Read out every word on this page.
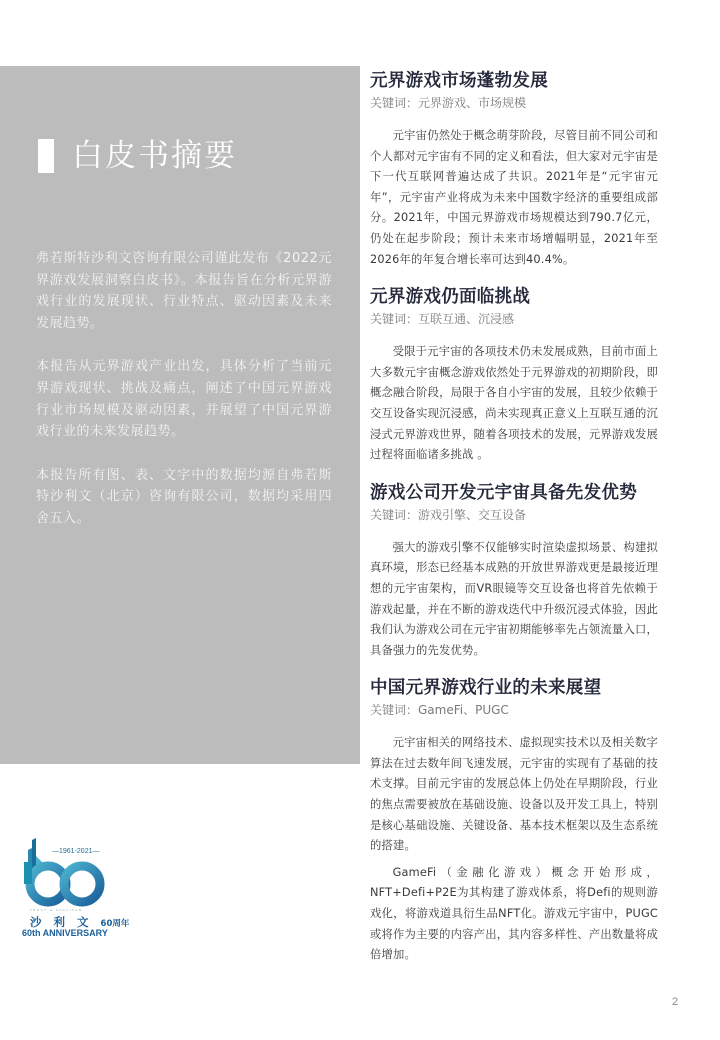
白皮书摘要

弗若斯特沙利文咨询有限公司谨此发布《2022元界游戏发展洞察白皮书》。本报告旨在分析元界游戏行业的发展现状、行业特点、驱动因素及未来发展趋势。

本报告从元界游戏产业出发，具体分析了当前元界游戏现状、挑战及痛点，阐述了中国元界游戏行业市场规模及驱动因素，并展望了中国元界游戏行业的未来发展趋势。

本报告所有图、表、文字中的数据均源自弗若斯特沙利文（北京）咨询有限公司，数据均采用四舍五入。

—1961-2021—
FROST & SULLIVAN
沙 利 文 60周年
60th ANNIVERSARY
元界游戏市场蓬勃发展
关键词：元界游戏、市场规模

元宇宙仍然处于概念萌芽阶段，尽管目前不同公司和个人都对元宇宙有不同的定义和看法，但大家对元宇宙是下一代互联网普遍达成了共识。2021年是“元宇宙元年”，元宇宙产业将成为未来中国数字经济的重要组成部分。2021年，中国元界游戏市场规模达到790.7亿元，仍处在起步阶段；预计未来市场增幅明显，2021年至2026年的年复合增长率可达到40.4%。

元界游戏仍面临挑战
关键词：互联互通、沉浸感

受限于元宇宙的各项技术仍未发展成熟，目前市面上大多数元宇宙概念游戏依然处于元界游戏的初期阶段，即概念融合阶段，局限于各自小宇宙的发展，且较少依赖于交互设备实现沉浸感，尚未实现真正意义上互联互通的沉浸式元界游戏世界，随着各项技术的发展，元界游戏发展过程将面临诸多挑战 。

游戏公司开发元宇宙具备先发优势
关键词：游戏引擎、交互设备

强大的游戏引擎不仅能够实时渲染虚拟场景、构建拟真环境，形态已经基本成熟的开放世界游戏更是最接近理想的元宇宙架构，而VR眼镜等交互设备也将首先依赖于游戏起量，并在不断的游戏迭代中升级沉浸式体验，因此我们认为游戏公司在元宇宙初期能够率先占领流量入口，具备强力的先发优势。

中国元界游戏行业的未来展望
关键词：GameFi、PUGC

元宇宙相关的网络技术、虚拟现实技术以及相关数字算法在过去数年间飞速发展，元宇宙的实现有了基础的技术支撑。目前元宇宙的发展总体上仍处在早期阶段，行业的焦点需要被放在基础设施、设备以及开发工具上，特别是核心基础设施、关键设备、基本技术框架以及生态系统的搭建。

GameFi（金融化游戏）概念开始形成，NFT+Defi+P2E为其构建了游戏体系，将Defi的规则游戏化，将游戏道具衍生品NFT化。游戏元宇宙中，PUGC或将作为主要的内容产出，其内容多样性、产出数量将成倍增加。

2
